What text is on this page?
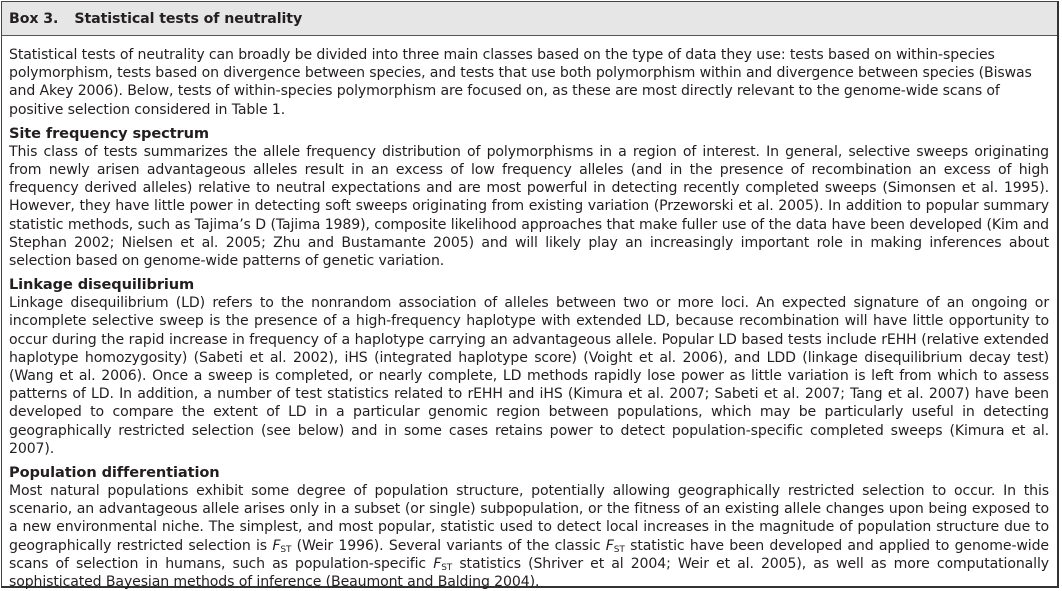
Box 3. Statistical tests of neutrality

Statistical tests of neutrality can broadly be divided into three main classes based on the type of data they use: tests based on within-species polymorphism, tests based on divergence between species, and tests that use both polymorphism within and divergence between species (Biswas and Akey 2006). Below, tests of within-species polymorphism are focused on, as these are most directly relevant to the genome-wide scans of positive selection considered in Table 1.

Site frequency spectrum

This class of tests summarizes the allele frequency distribution of polymorphisms in a region of interest. In general, selective sweeps originating from newly arisen advantageous alleles result in an excess of low frequency alleles (and in the presence of recombination an excess of high frequency derived alleles) relative to neutral expectations and are most powerful in detecting recently completed sweeps (Simonsen et al. 1995). However, they have little power in detecting soft sweeps originating from existing variation (Przeworski et al. 2005). In addition to popular summary statistic methods, such as Tajima’s D (Tajima 1989), composite likelihood approaches that make fuller use of the data have been developed (Kim and Stephan 2002; Nielsen et al. 2005; Zhu and Bustamante 2005) and will likely play an increasingly important role in making inferences about selection based on genome-wide patterns of genetic variation.

Linkage disequilibrium

Linkage disequilibrium (LD) refers to the nonrandom association of alleles between two or more loci. An expected signature of an ongoing or incomplete selective sweep is the presence of a high-frequency haplotype with extended LD, because recombination will have little opportunity to occur during the rapid increase in frequency of a haplotype carrying an advantageous allele. Popular LD based tests include rEHH (relative extended haplotype homozygosity) (Sabeti et al. 2002), iHS (integrated haplotype score) (Voight et al. 2006), and LDD (linkage disequilibrium decay test) (Wang et al. 2006). Once a sweep is completed, or nearly complete, LD methods rapidly lose power as little variation is left from which to assess patterns of LD. In addition, a number of test statistics related to rEHH and iHS (Kimura et al. 2007; Sabeti et al. 2007; Tang et al. 2007) have been developed to compare the extent of LD in a particular genomic region between populations, which may be particularly useful in detecting geographically restricted selection (see below) and in some cases retains power to detect population-specific completed sweeps (Kimura et al. 2007).

Population differentiation

Most natural populations exhibit some degree of population structure, potentially allowing geographically restricted selection to occur. In this scenario, an advantageous allele arises only in a subset (or single) subpopulation, or the fitness of an existing allele changes upon being exposed to a new environmental niche. The simplest, and most popular, statistic used to detect local increases in the magnitude of population structure due to geographically restricted selection is $F_{ST}$ (Weir 1996). Several variants of the classic $F_{ST}$ statistic have been developed and applied to genome-wide scans of selection in humans, such as population-specific $F_{ST}$ statistics (Shriver et al 2004; Weir et al. 2005), as well as more computationally sophisticated Bayesian methods of inference (Beaumont and Balding 2004).
